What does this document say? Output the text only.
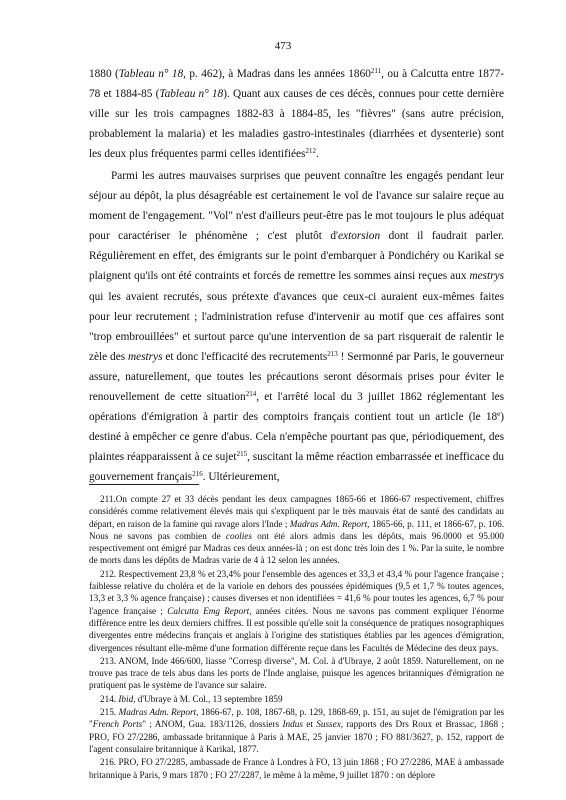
473
1880 (Tableau n° 18, p. 462), à Madras dans les années 1860$^{211}$, ou à Calcutta entre 1877-78 et 1884-85 (Tableau n° 18). Quant aux causes de ces décès, connues pour cette dernière ville sur les trois campagnes 1882-83 à 1884-85, les "fièvres" (sans autre précision, probablement la malaria) et les maladies gastro-intestinales (diarrhées et dysenterie) sont les deux plus fréquentes parmi celles identifiées$^{212}$.
Parmi les autres mauvaises surprises que peuvent connaître les engagés pendant leur séjour au dépôt, la plus désagréable est certainement le vol de l'avance sur salaire reçue au moment de l'engagement. "Vol" n'est d'ailleurs peut-être pas le mot toujours le plus adéquat pour caractériser le phénomène ; c'est plutôt d'extorsion dont il faudrait parler. Régulièrement en effet, des émigrants sur le point d'embarquer à Pondichéry ou Karikal se plaignent qu'ils ont été contraints et forcés de remettre les sommes ainsi reçues aux mestrys qui les avaient recrutés, sous prétexte d'avances que ceux-ci auraient eux-mêmes faites pour leur recrutement ; l'administration refuse d'intervenir au motif que ces affaires sont "trop embrouillées" et surtout parce qu'une intervention de sa part risquerait de ralentir le zèle des mestrys et donc l'efficacité des recrutements$^{213}$ ! Sermonné par Paris, le gouverneur assure, naturellement, que toutes les précautions seront désormais prises pour éviter le renouvellement de cette situation$^{214}$, et l'arrêté local du 3 juillet 1862 réglementant les opérations d'émigration à partir des comptoirs français contient tout un article (le 18e) destiné à empêcher ce genre d'abus. Cela n'empêche pourtant pas que, périodiquement, des plaintes réapparaissent à ce sujet$^{215}$, suscitant la même réaction embarrassée et inefficace du gouvernement français$^{216}$. Ultérieurement,

211.On compte 27 et 33 décès pendant les deux campagnes 1865-66 et 1866-67 respectivement, chiffres considérés comme relativement élevés mais qui s'expliquent par le très mauvais état de santé des candidats au départ, en raison de la famine qui ravage alors l'Inde ; Madras Adm. Report, 1865-66, p. 111, et 1866-67, p. 106. Nous ne savons pas combien de coolies ont été alors admis dans les dépôts, mais 96.0000 et 95.000 respectivement ont émigré par Madras ces deux années-là ; on est donc très loin des 1 %. Par la suite, le nombre de morts dans les dépôts de Madras varie de 4 à 12 selon les années.

212. Respectivement 23,8 % et 23,4% pour l'ensemble des agences et 33,3 et 43,4 % pour l'agence française ; faiblesse relative du choléra et de la variole en dehors des poussées épidémiques (9,5 et 1,7 % toutes agences, 13,3 et 3,3 % agence française) ; causes diverses et non identifiées = 41,6 % pour toutes les agences, 6,7 % pour l'agence française ; Calcutta Emg Report, années citées. Nous ne savons pas comment expliquer l'énorme différence entre les deux derniers chiffres. Il est possible qu'elle soit la conséquence de pratiques nosographiques divergentes entre médecins français et anglais à l'origine des statistiques établies par les agences d'émigration, divergences résultant elle-même d'une formation différente reçue dans les Facultés de Médecine des deux pays.

213. ANOM, Inde 466/600, liasse "Corresp diverse", M. Col. à d'Ubraye, 2 août 1859. Naturellement, on ne trouve pas trace de tels abus dans les ports de l'Inde anglaise, puisque les agences britanniques d'émigration ne pratiquent pas le système de l'avance sur salaire.

214. Ibid, d'Ubraye à M. Col., 13 septembre 1859

215. Madras Adm. Report, 1866-67, p. 108, 1867-68, p. 129, 1868-69, p. 151, au sujet de l'émigration par les "French Ports" ; ANOM, Gua. 183/1126, dossiers Indus et Sussex, rapports des Drs Roux et Brassac, 1868 ; PRO, FO 27/2286, ambassade britannique à Paris à MAE, 25 janvier 1870 ; FO 881/3627, p. 152, rapport de l'agent consulaire britannique à Karikal, 1877.

216. PRO, FO 27/2285, ambassade de France à Londres à FO, 13 juin 1868 ; FO 27/2286, MAE à ambassade britannique à Paris, 9 mars 1870 ; FO 27/2287, le même à la même, 9 juillet 1870 : on déplore
